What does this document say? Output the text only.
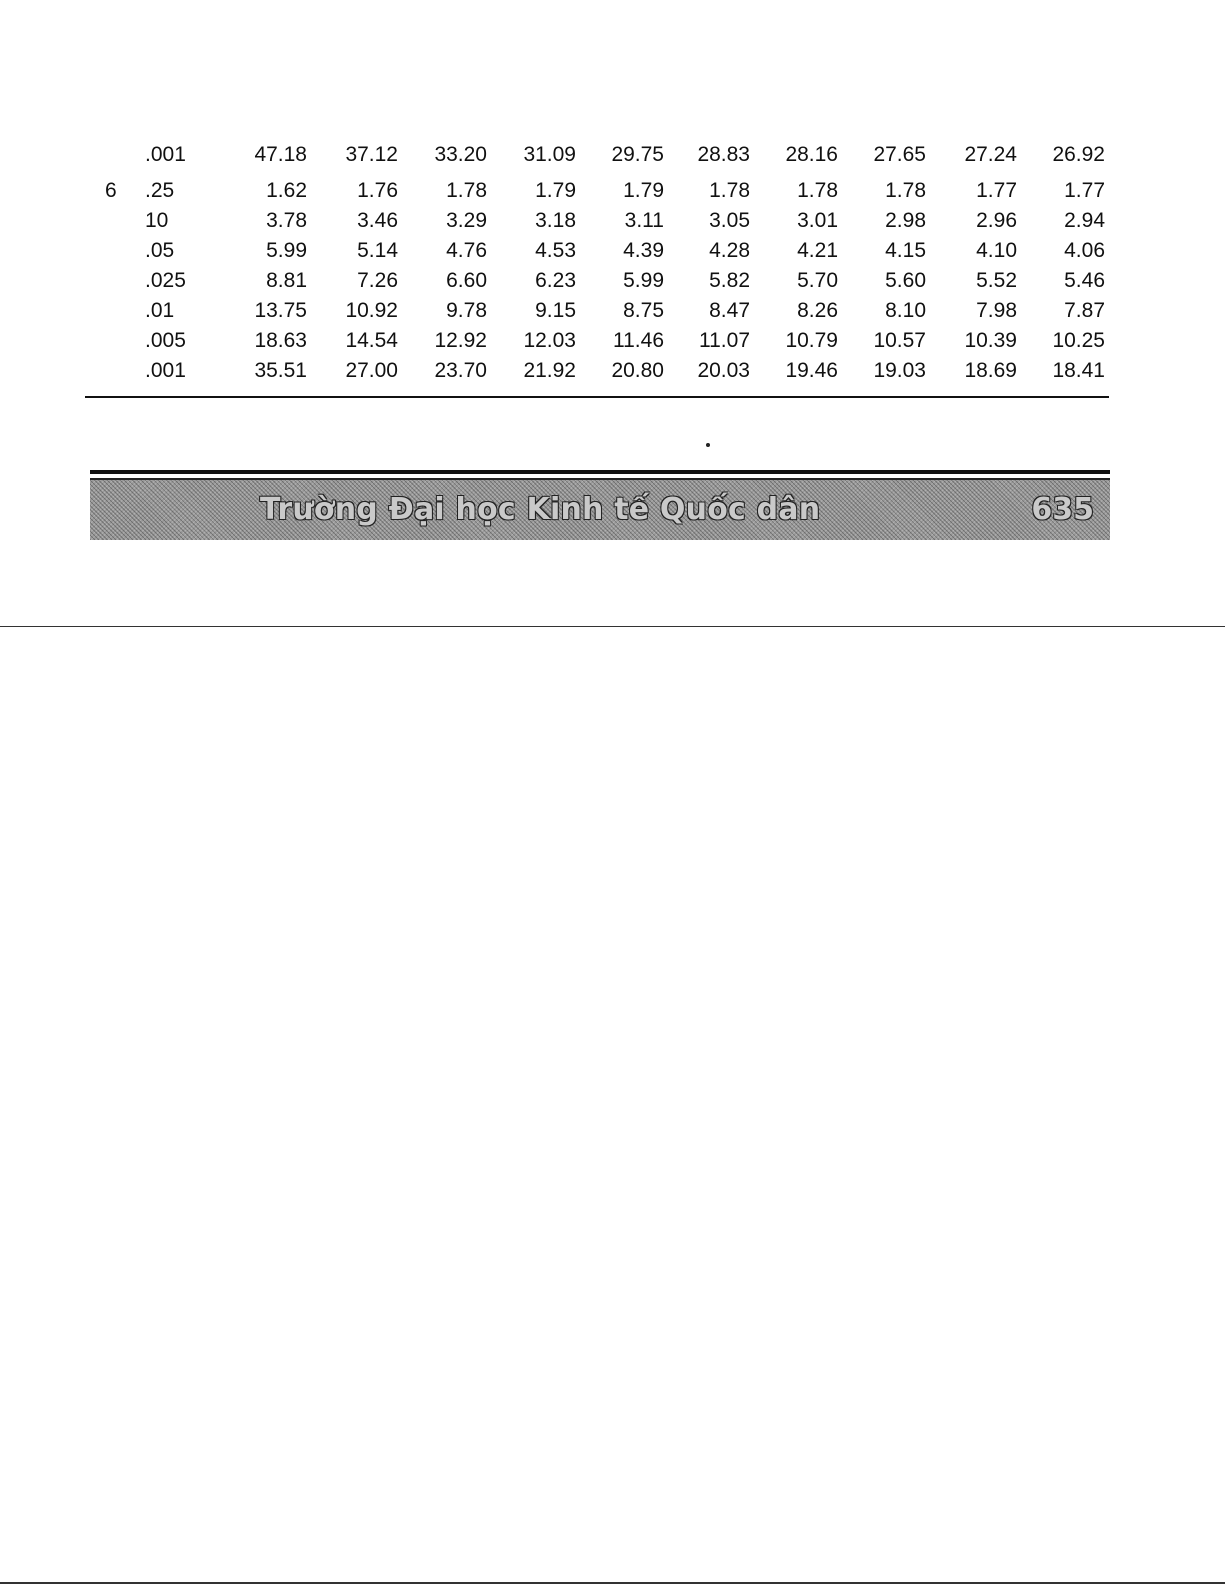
.001	47.18	37.12	33.20	31.09	29.75	28.83	28.16	27.65	27.24	26.92
6 .25	1.62	1.76	1.78	1.79	1.79	1.78	1.78	1.78	1.77	1.77
10	3.78	3.46	3.29	3.18	3.11	3.05	3.01	2.98	2.96	2.94
.05	5.99	5.14	4.76	4.53	4.39	4.28	4.21	4.15	4.10	4.06
.025	8.81	7.26	6.60	6.23	5.99	5.82	5.70	5.60	5.52	5.46
.01	13.75	10.92	9.78	9.15	8.75	8.47	8.26	8.10	7.98	7.87
.005	18.63	14.54	12.92	12.03	11.46	11.07	10.79	10.57	10.39	10.25
.001	35.51	27.00	23.70	21.92	20.80	20.03	19.46	19.03	18.69	18.41
Trường Đại học Kinh tế Quốc dân	635
